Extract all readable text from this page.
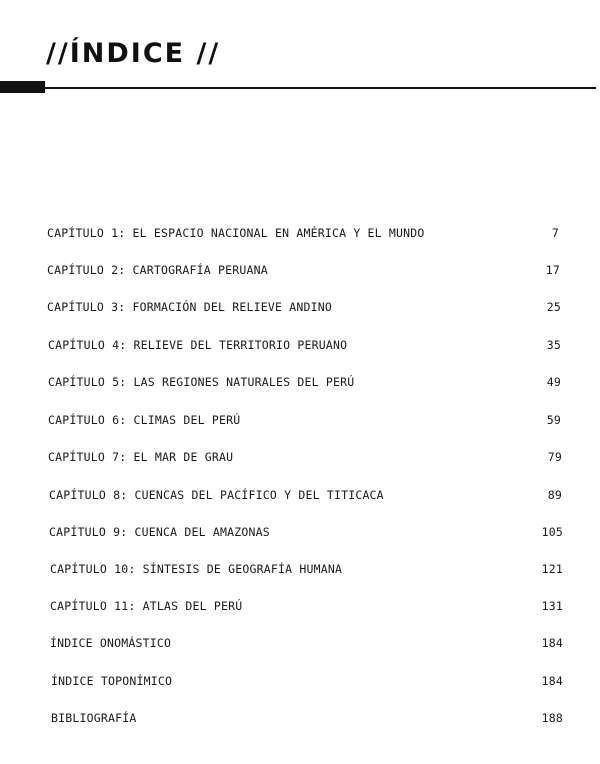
//ÍNDICE //
CAPÍTULO 1: EL ESPACIO NACIONAL EN AMÉRICA Y EL MUNDO	7
CAPÍTULO 2: CARTOGRAFÍA PERUANA	17
CAPÍTULO 3: FORMACIÓN DEL RELIEVE ANDINO	25
CAPÍTULO 4: RELIEVE DEL TERRITORIO PERUANO	35
CAPÍTULO 5: LAS REGIONES NATURALES DEL PERÚ	49
CAPÍTULO 6: CLIMAS DEL PERÚ	59
CAPÍTULO 7: EL MAR DE GRAU	79
CAPÍTULO 8: CUENCAS DEL PACÍFICO Y DEL TITICACA	89
CAPÍTULO 9: CUENCA DEL AMAZONAS	105
CAPÍTULO 10: SÍNTESIS DE GEOGRAFÍA HUMANA	121
CAPÍTULO 11: ATLAS DEL PERÚ	131
ÍNDICE ONOMÁSTICO	184
ÍNDICE TOPONÍMICO	184
BIBLIOGRAFÍA	188
